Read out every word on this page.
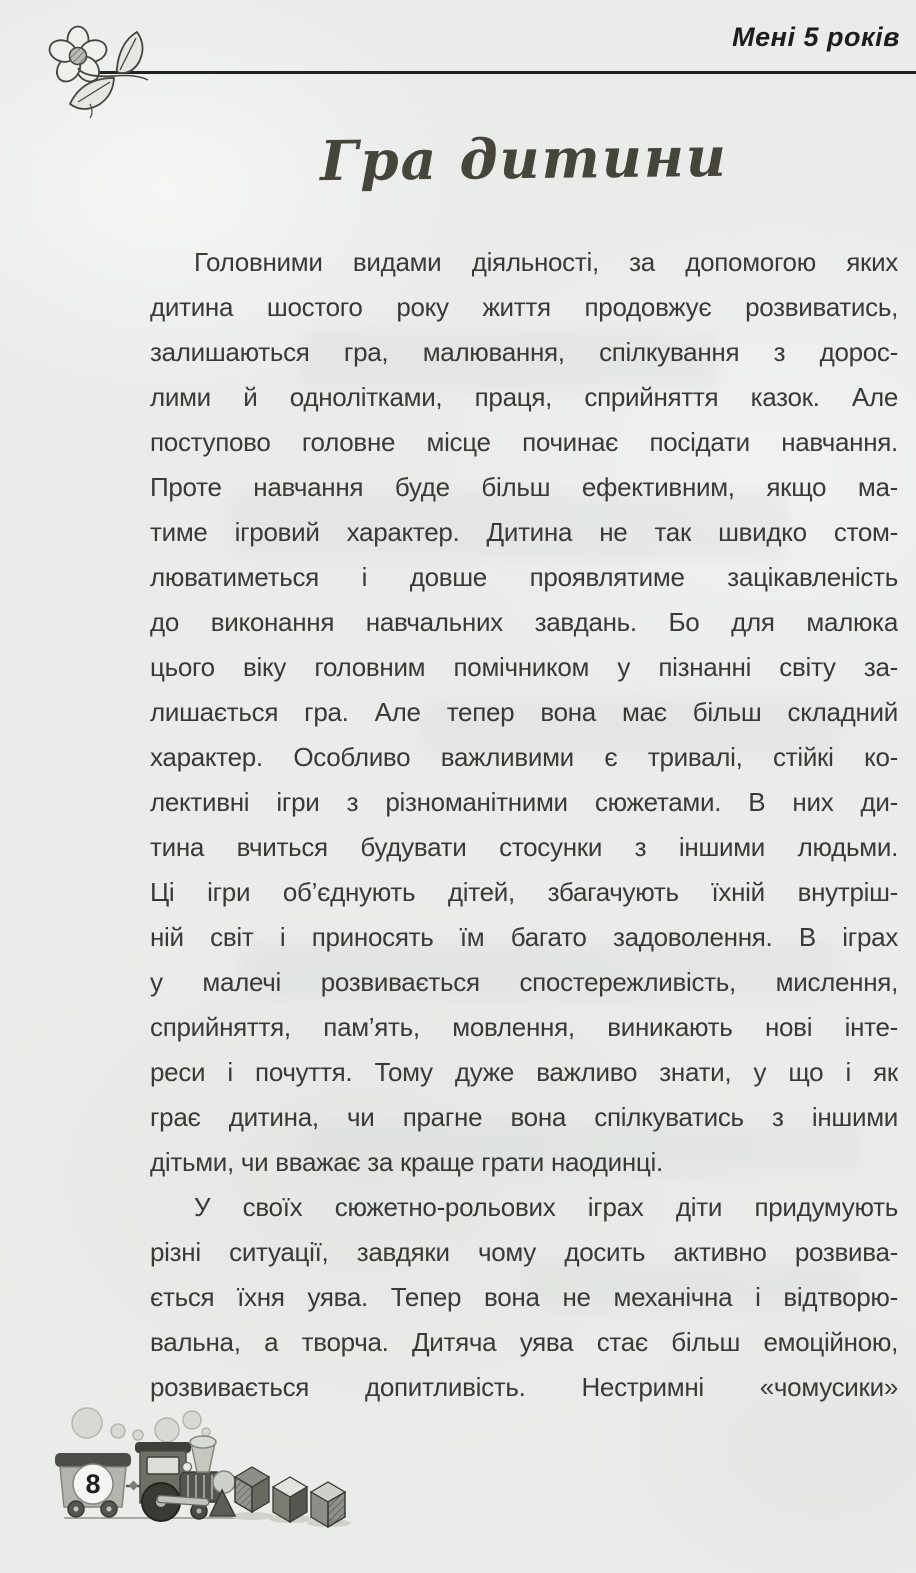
Мені 5 років
Гра дитини
Головними видами діяльності, за допомогою яких
дитина шостого року життя продовжує розвиватись,
залишаються гра, малювання, спілкування з дорос-
лими й однолітками, праця, сприйняття казок. Але
поступово головне місце починає посідати навчання.
Проте навчання буде більш ефективним, якщо ма-
тиме ігровий характер. Дитина не так швидко стом-
люватиметься і довше проявлятиме зацікавленість
до виконання навчальних завдань. Бо для малюка
цього віку головним помічником у пізнанні світу за-
лишається гра. Але тепер вона має більш складний
характер. Особливо важливими є тривалі, стійкі ко-
лективні ігри з різноманітними сюжетами. В них ди-
тина вчиться будувати стосунки з іншими людьми.
Ці ігри об’єднують дітей, збагачують їхній внутріш-
ній світ і приносять їм багато задоволення. В іграх
у малечі розвивається спостережливість, мислення,
сприйняття, пам’ять, мовлення, виникають нові інте-
реси і почуття. Тому дуже важливо знати, у що і як
грає дитина, чи прагне вона спілкуватись з іншими
дітьми, чи вважає за краще грати наодинці.
У своїх сюжетно-рольових іграх діти придумують
різні ситуації, завдяки чому досить активно розвива-
ється їхня уява. Тепер вона не механічна і відтворю-
вальна, а творча. Дитяча уява стає більш емоційною,
розвивається допитливість. Нестримні «чомусики»
8
